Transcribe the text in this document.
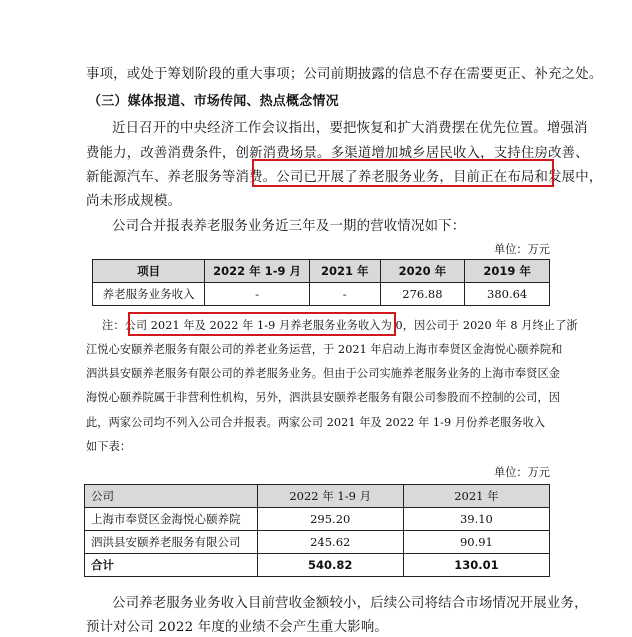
事项，或处于筹划阶段的重大事项；公司前期披露的信息不存在需要更正、补充之处。
（三）媒体报道、市场传闻、热点概念情况
近日召开的中央经济工作会议指出，要把恢复和扩大消费摆在优先位置。增强消
费能力，改善消费条件，创新消费场景。多渠道增加城乡居民收入，支持住房改善、
新能源汽车、养老服务等消费。公司已开展了养老服务业务，目前正在布局和发展中，
尚未形成规模。
公司合并报表养老服务业务近三年及一期的营收情况如下：
单位：万元
项目	2022 年 1-9 月	2021 年	2020 年	2019 年
养老服务业务收入	-	-	276.88	380.64
注：公司 2021 年及 2022 年 1-9 月养老服务业务收入为 0，因公司于 2020 年 8 月终止了浙
江悦心安颐养老服务有限公司的养老业务运营，于 2021 年启动上海市奉贤区金海悦心颐养院和
泗洪县安颐养老服务有限公司的养老服务业务。但由于公司实施养老服务业务的上海市奉贤区金
海悦心颐养院属于非营利性机构，另外，泗洪县安颐养老服务有限公司参股而不控制的公司，因
此，两家公司均不列入公司合并报表。两家公司 2021 年及 2022 年 1-9 月份养老服务收入
如下表：
单位：万元
公司	2022 年 1-9 月	2021 年
上海市奉贤区金海悦心颐养院	295.20	39.10
泗洪县安颐养老服务有限公司	245.62	90.91
合计	540.82	130.01
公司养老服务业务收入目前营收金额较小，后续公司将结合市场情况开展业务，
预计对公司 2022 年度的业绩不会产生重大影响。
